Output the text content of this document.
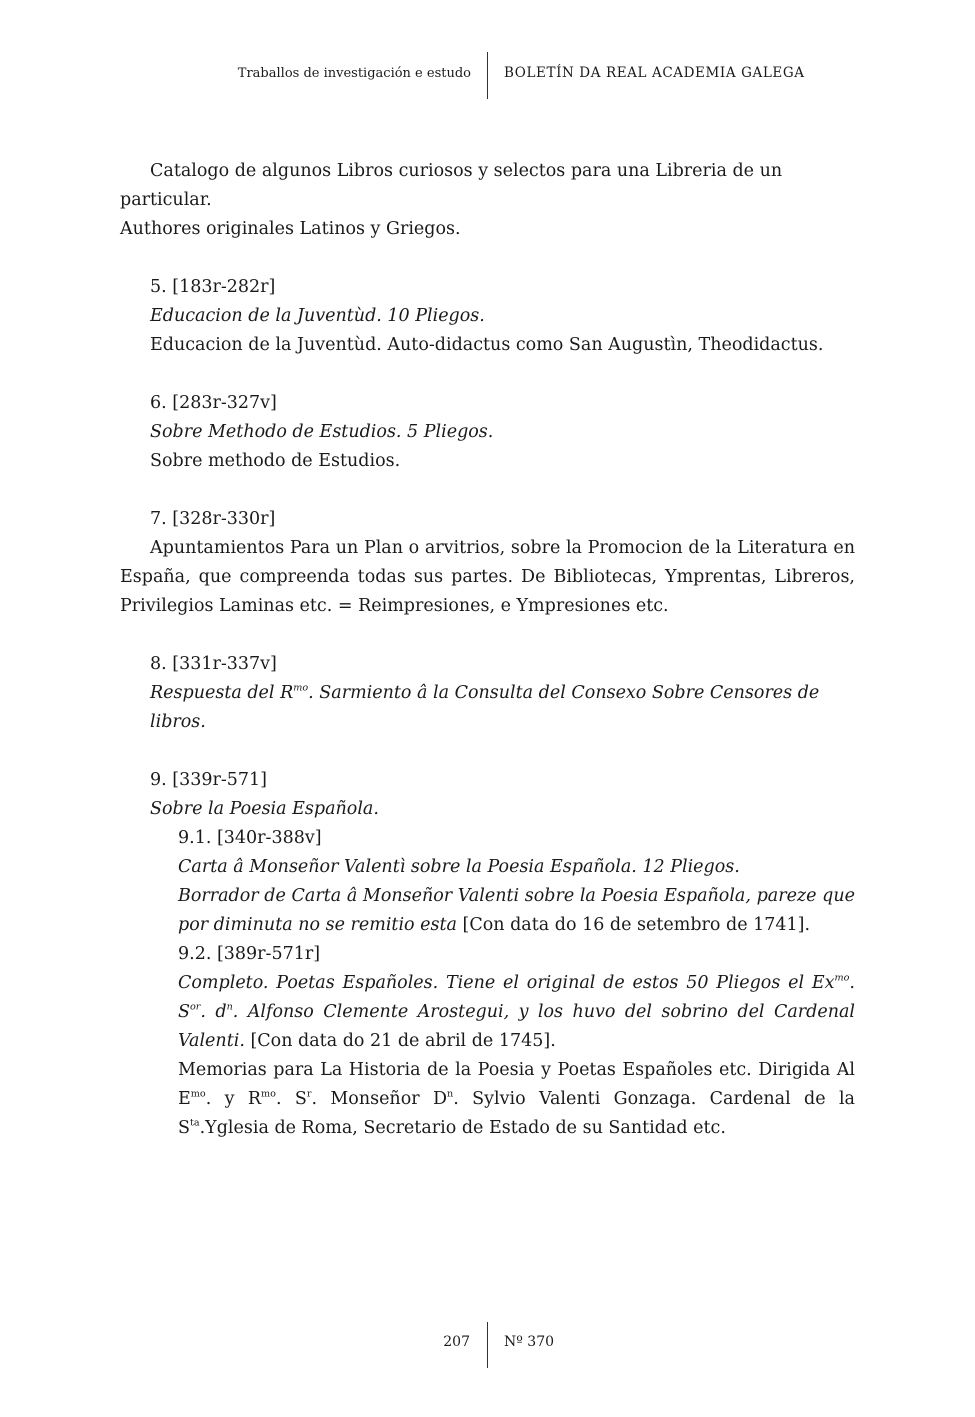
Traballos de investigación e estudo BOLETÍN DA REAL ACADEMIA GALEGA

Catalogo de algunos Libros curiosos y selectos para una Libreria de un particular.

Authores originales Latinos y Griegos.

5. [183r-282r]

Educacion de la Juventùd. 10 Pliegos.

Educacion de la Juventùd. Auto-didactus como San Augustìn, Theodidactus.

6. [283r-327v]

Sobre Methodo de Estudios. 5 Pliegos.

Sobre methodo de Estudios.

7. [328r-330r]

Apuntamientos Para un Plan o arvitrios, sobre la Promocion de la Literatura en España, que compreenda todas sus partes. De Bibliotecas, Ymprentas, Libreros, Privilegios Laminas etc. = Reimpresiones, e Ympresiones etc.

8. [331r-337v]

Respuesta del $R^{mo}$. Sarmiento â la Consulta del Consexo Sobre Censores de libros.

9. [339r-571]

Sobre la Poesia Española.

9.1. [340r-388v]

Carta â Monseñor Valentì sobre la Poesia Española. 12 Pliegos.

Borrador de Carta â Monseñor Valenti sobre la Poesia Española, pareze que por diminuta no se remitio esta [Con data do 16 de setembro de 1741].

9.2. [389r-571r]

Completo. Poetas Españoles. Tiene el original de estos 50 Pliegos el $Ex^{mo}$. $S^{or}$. $d^n$. Alfonso Clemente Arostegui, y los huvo del sobrino del Cardenal Valenti. [Con data do 21 de abril de 1745].

Memorias para La Historia de la Poesia y Poetas Españoles etc. Dirigida Al $E^{mo}$. y $R^{mo}$. $S^r$. Monseñor $D^n$. Sylvio Valenti Gonzaga. Cardenal de la $S^{ta}.Yglesia$ de Roma, Secretario de Estado de su Santidad etc.

207 Nº 370
